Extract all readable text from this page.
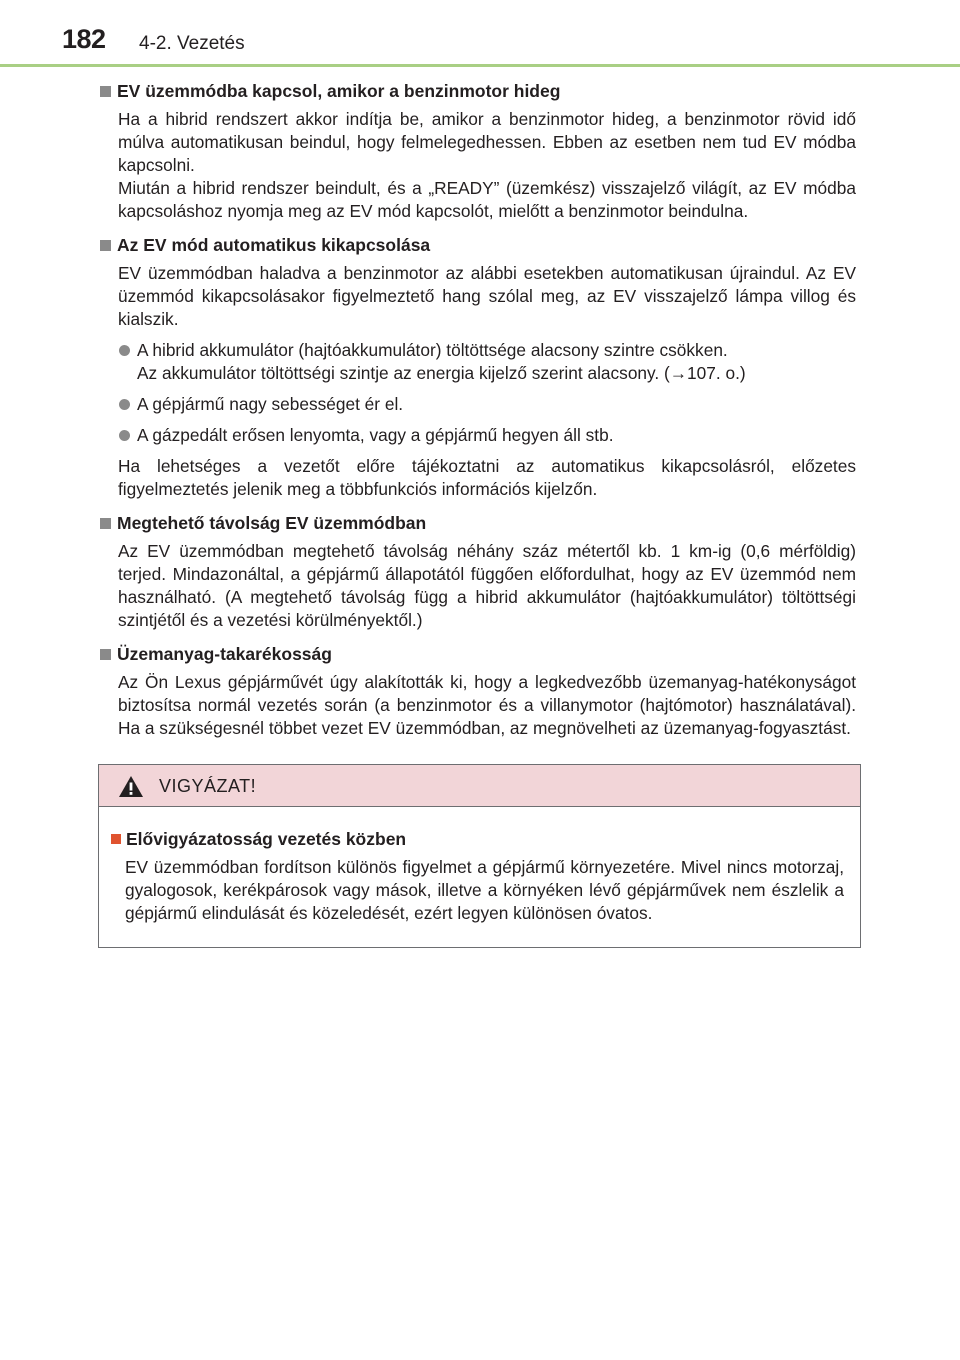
182 4-2. Vezetés
EV üzemmódba kapcsol, amikor a benzinmotor hideg
Ha a hibrid rendszert akkor indítja be, amikor a benzinmotor hideg, a benzinmotor rövid idő múlva automatikusan beindul, hogy felmelegedhessen. Ebben az esetben nem tud EV módba kapcsolni.
Miután a hibrid rendszer beindult, és a „READY” (üzemkész) visszajelző világít, az EV módba kapcsoláshoz nyomja meg az EV mód kapcsolót, mielőtt a benzinmotor beindulna.
Az EV mód automatikus kikapcsolása
EV üzemmódban haladva a benzinmotor az alábbi esetekben automatikusan újraindul. Az EV üzemmód kikapcsolásakor figyelmeztető hang szólal meg, az EV visszajelző lámpa villog és kialszik.
A hibrid akkumulátor (hajtóakkumulátor) töltöttsége alacsony szintre csökken.
Az akkumulátor töltöttségi szintje az energia kijelző szerint alacsony. (→107. o.)
A gépjármű nagy sebességet ér el.
A gázpedált erősen lenyomta, vagy a gépjármű hegyen áll stb.
Ha lehetséges a vezetőt előre tájékoztatni az automatikus kikapcsolásról, előzetes figyelmeztetés jelenik meg a többfunkciós információs kijelzőn.
Megtehető távolság EV üzemmódban
Az EV üzemmódban megtehető távolság néhány száz métertől kb. 1 km-ig (0,6 mérföldig) terjed. Mindazonáltal, a gépjármű állapotától függően előfordulhat, hogy az EV üzemmód nem használható. (A megtehető távolság függ a hibrid akkumulátor (hajtóakkumulátor) töltöttségi szintjétől és a vezetési körülményektől.)
Üzemanyag-takarékosság
Az Ön Lexus gépjárművét úgy alakították ki, hogy a legkedvezőbb üzemanyag-hatékonyságot biztosítsa normál vezetés során (a benzinmotor és a villanymotor (hajtómotor) használatával). Ha a szükségesnél többet vezet EV üzemmódban, az megnövelheti az üzemanyag-fogyasztást.
VIGYÁZAT!
Elővigyázatosság vezetés közben
EV üzemmódban fordítson különös figyelmet a gépjármű környezetére. Mivel nincs motorzaj, gyalogosok, kerékpárosok vagy mások, illetve a környéken lévő gépjárművek nem észlelik a gépjármű elindulását és közeledését, ezért legyen különösen óvatos.
